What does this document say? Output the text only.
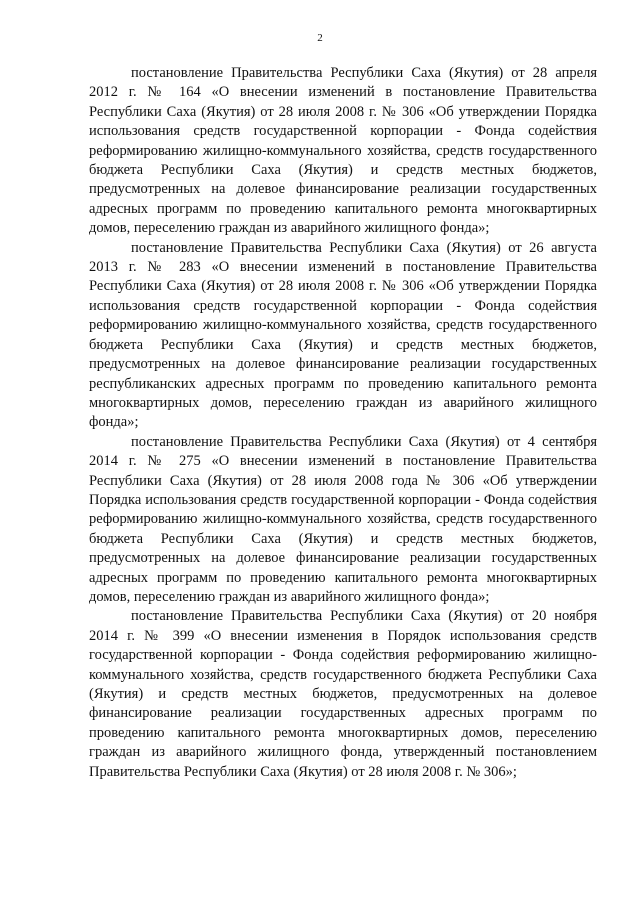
2

постановление Правительства Республики Саха (Якутия) от 28 апреля 2012 г. № 164 «О внесении изменений в постановление Правительства Республики Саха (Якутия) от 28 июля 2008 г. № 306 «Об утверждении Порядка использования средств государственной корпорации - Фонда содействия реформированию жилищно-коммунального хозяйства, средств государственного бюджета Республики Саха (Якутия) и средств местных бюджетов, предусмотренных на долевое финансирование реализации государственных адресных программ по проведению капитального ремонта многоквартирных домов, переселению граждан из аварийного жилищного фонда»;

постановление Правительства Республики Саха (Якутия) от 26 августа 2013 г. № 283 «О внесении изменений в постановление Правительства Республики Саха (Якутия) от 28 июля 2008 г. № 306 «Об утверждении Порядка использования средств государственной корпорации - Фонда содействия реформированию жилищно-коммунального хозяйства, средств государственного бюджета Республики Саха (Якутия) и средств местных бюджетов, предусмотренных на долевое финансирование реализации государственных республиканских адресных программ по проведению капитального ремонта многоквартирных домов, переселению граждан из аварийного жилищного фонда»;

постановление Правительства Республики Саха (Якутия) от 4 сентября 2014 г. № 275 «О внесении изменений в постановление Правительства Республики Саха (Якутия) от 28 июля 2008 года № 306 «Об утверждении Порядка использования средств государственной корпорации - Фонда содействия реформированию жилищно-коммунального хозяйства, средств государственного бюджета Республики Саха (Якутия) и средств местных бюджетов, предусмотренных на долевое финансирование реализации государственных адресных программ по проведению капитального ремонта многоквартирных домов, переселению граждан из аварийного жилищного фонда»;

постановление Правительства Республики Саха (Якутия) от 20 ноября 2014 г. № 399 «О внесении изменения в Порядок использования средств государственной корпорации - Фонда содействия реформированию жилищно-коммунального хозяйства, средств государственного бюджета Республики Саха (Якутия) и средств местных бюджетов, предусмотренных на долевое финансирование реализации государственных адресных программ по проведению капитального ремонта многоквартирных домов, переселению граждан из аварийного жилищного фонда, утвержденный постановлением Правительства Республики Саха (Якутия) от 28 июля 2008 г. № 306»;
